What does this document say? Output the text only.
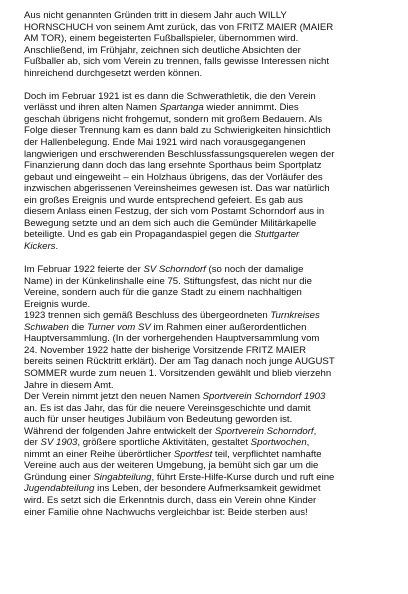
Aus nicht genannten Gründen tritt in diesem Jahr auch WILLY
HORNSCHUCH von seinem Amt zurück, das von FRITZ MAIER (MAIER
AM TOR), einem begeisterten Fußballspieler, übernommen wird.
Anschließend, im Frühjahr, zeichnen sich deutliche Absichten der
Fußballer ab, sich vom Verein zu trennen, falls gewisse Interessen nicht
hinreichend durchgesetzt werden können.

Doch im Februar 1921 ist es dann die Schwerathletik, die den Verein
verlässt und ihren alten Namen Spartanga wieder annimmt. Dies
geschah übrigens nicht frohgemut, sondern mit großem Bedauern. Als
Folge dieser Trennung kam es dann bald zu Schwierigkeiten hinsichtlich
der Hallenbelegung. Ende Mai 1921 wird nach vorausgegangenen
langwierigen und erschwerenden Beschlussfassungsquerelen wegen der
Finanzierung dann doch das lang ersehnte Sporthaus beim Sportplatz
gebaut und eingeweiht – ein Holzhaus übrigens, das der Vorläufer des
inzwischen abgerissenen Vereinsheimes gewesen ist. Das war natürlich
ein großes Ereignis und wurde entsprechend gefeiert. Es gab aus
diesem Anlass einen Festzug, der sich vom Postamt Schorndorf aus in
Bewegung setzte und an dem sich auch die Gemünder Militärkapelle
beteiligte. Und es gab ein Propagandaspiel gegen die Stuttgarter
Kickers.

Im Februar 1922 feierte der SV Schorndorf (so noch der damalige
Name) in der Künkelinshalle eine 75. Stiftungsfest, das nicht nur die
Vereine, sondern auch für die ganze Stadt zu einem nachhaltigen
Ereignis wurde.
1923 trennen sich gemäß Beschluss des übergeordneten Turnkreises
Schwaben die Turner vom SV im Rahmen einer außerordentlichen
Hauptversammlung. (In der vorhergehenden Hauptversammlung vom
24. November 1922 hatte der bisherige Vorsitzende FRITZ MAIER
bereits seinen Rücktritt erklärt). Der am Tag danach noch junge AUGUST
SOMMER wurde zum neuen 1. Vorsitzenden gewählt und blieb vierzehn
Jahre in diesem Amt.
Der Verein nimmt jetzt den neuen Namen Sportverein Schorndorf 1903
an. Es ist das Jahr, das für die neuere Vereinsgeschichte und damit
auch für unser heutiges Jubiläum von Bedeutung geworden ist.
Während der folgenden Jahre entwickelt der Sportverein Schorndorf,
der SV 1903, größere sportliche Aktivitäten, gestaltet Sportwochen,
nimmt an einer Reihe überörtlicher Sportfest teil, verpflichtet namhafte
Vereine auch aus der weiteren Umgebung, ja bemüht sich gar um die
Gründung einer Singabteilung, führt Erste-Hilfe-Kurse durch und ruft eine
Jugendabteilung ins Leben, der besondere Aufmerksamkeit gewidmet
wird. Es setzt sich die Erkenntnis durch, dass ein Verein ohne Kinder
einer Familie ohne Nachwuchs vergleichbar ist: Beide sterben aus!
